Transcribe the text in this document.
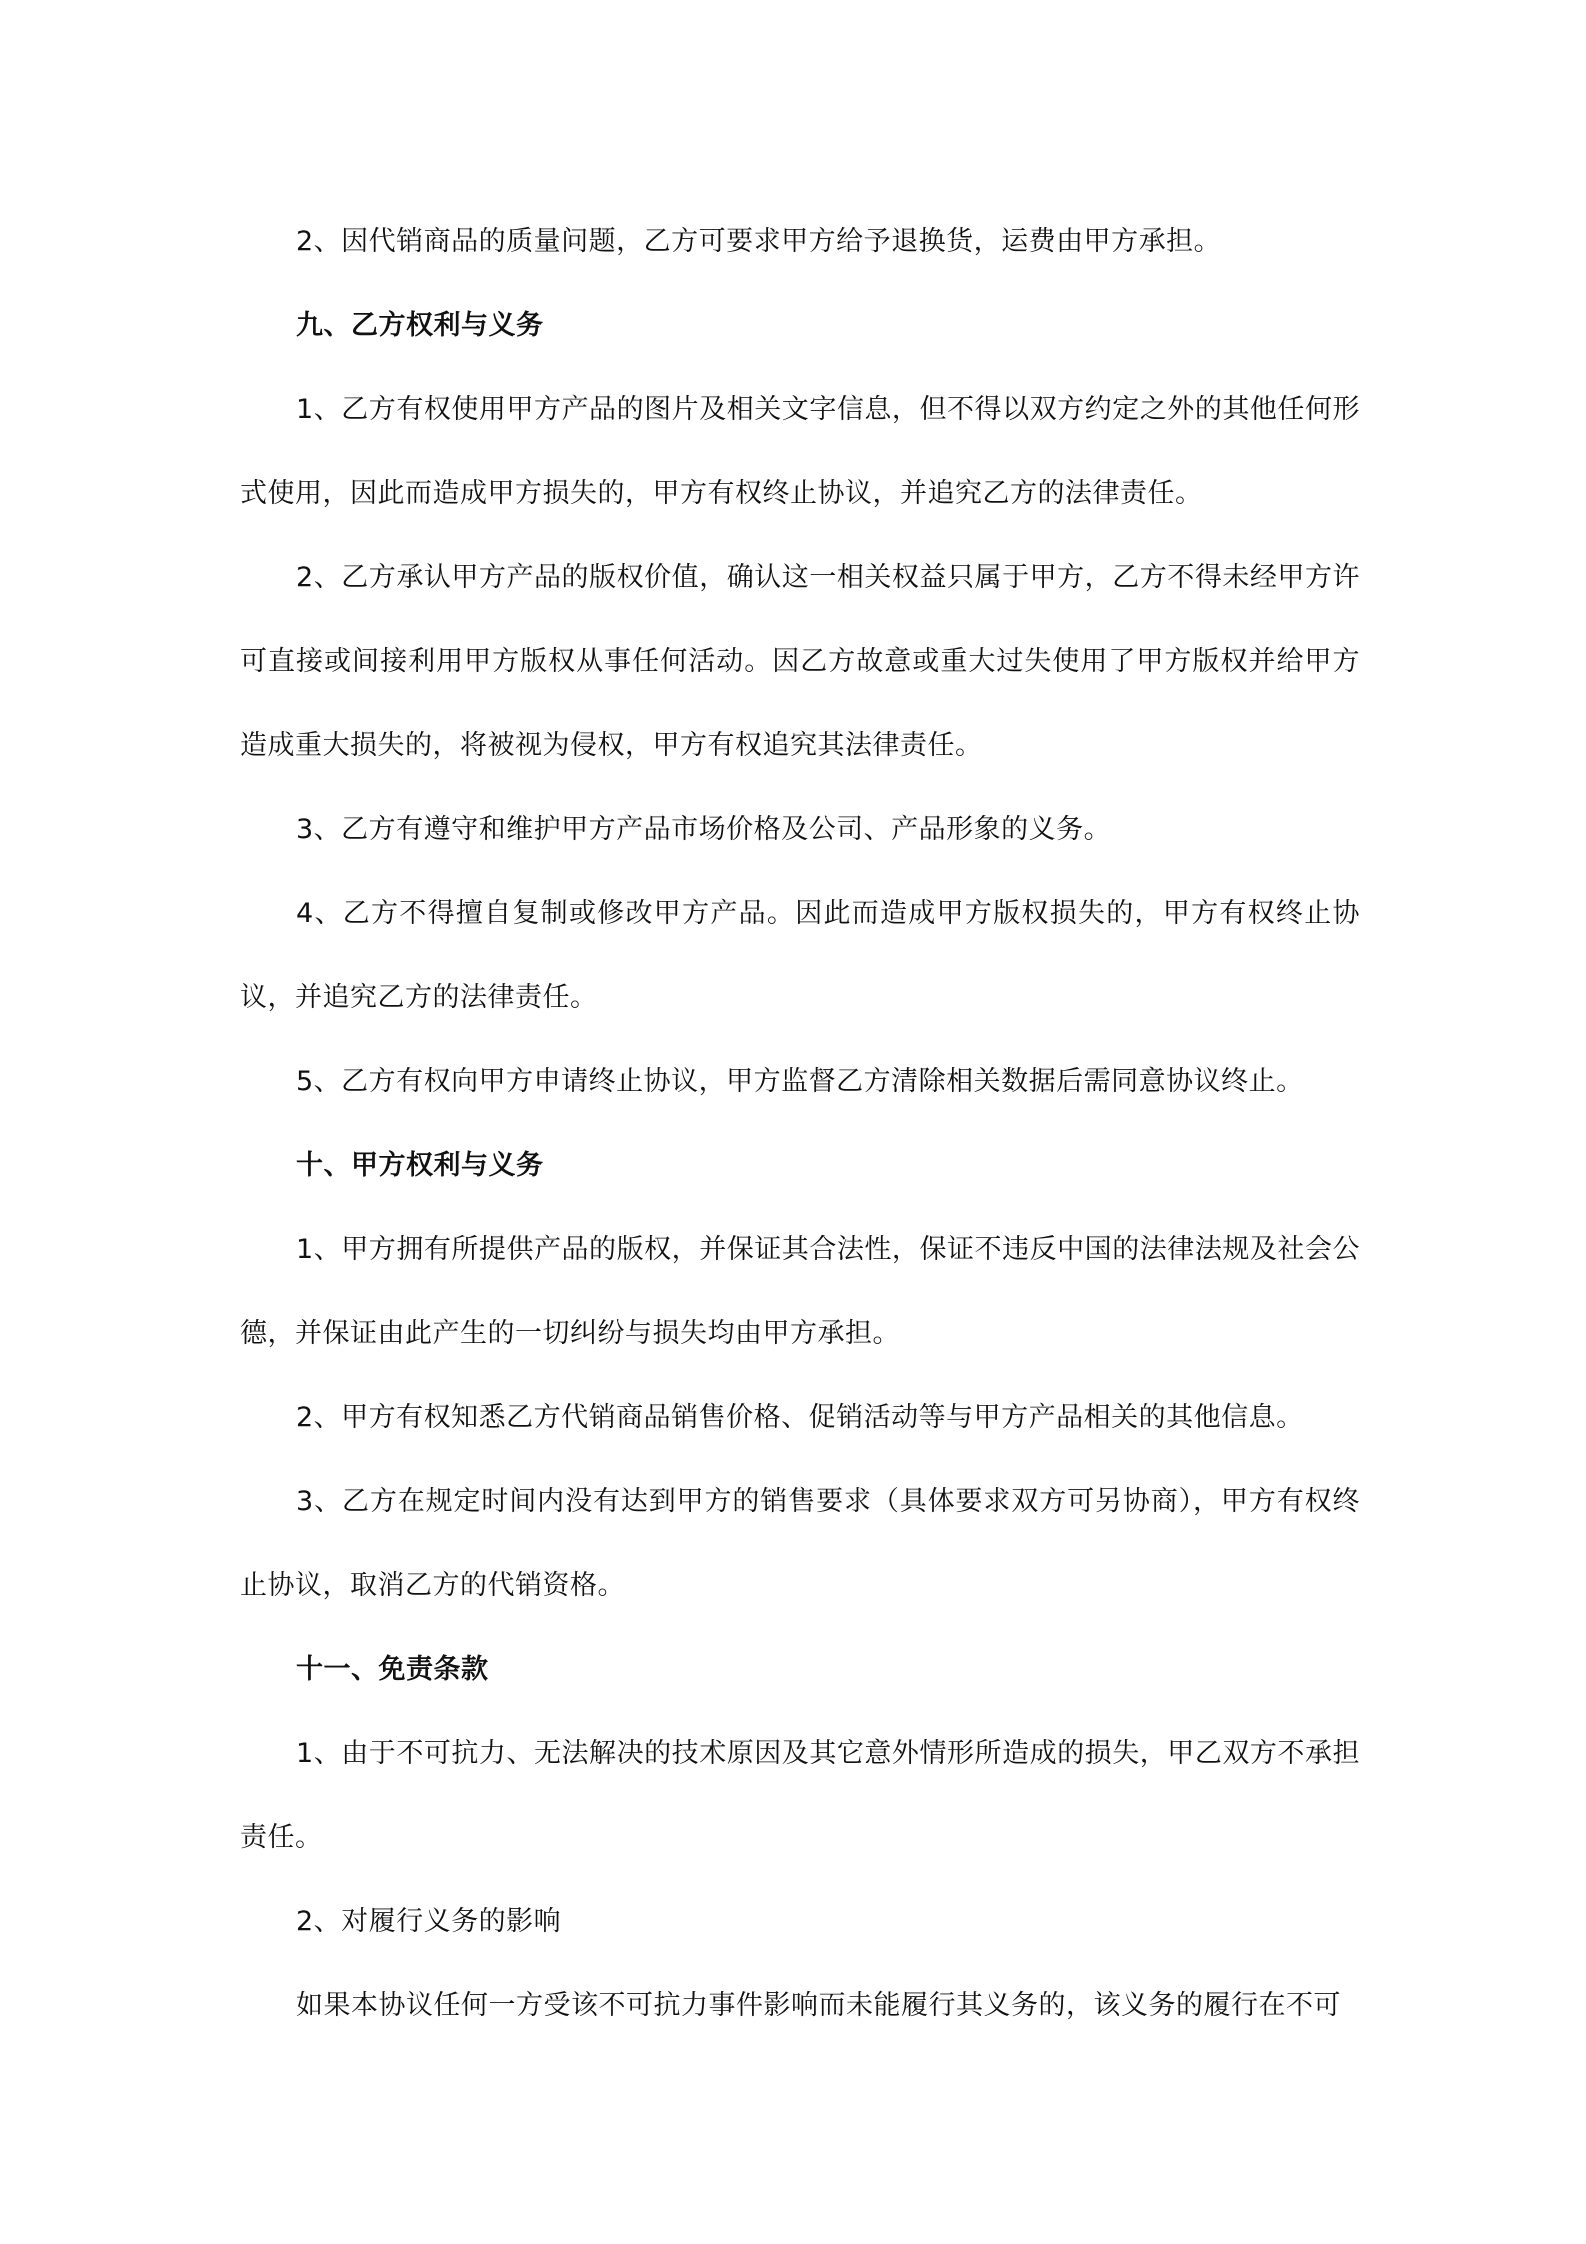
2、因代销商品的质量问题，乙方可要求甲方给予退换货，运费由甲方承担。

九、乙方权利与义务

1、乙方有权使用甲方产品的图片及相关文字信息，但不得以双方约定之外的其他任何形式使用，因此而造成甲方损失的，甲方有权终止协议，并追究乙方的法律责任。

2、乙方承认甲方产品的版权价值，确认这一相关权益只属于甲方，乙方不得未经甲方许可直接或间接利用甲方版权从事任何活动。因乙方故意或重大过失使用了甲方版权并给甲方造成重大损失的，将被视为侵权，甲方有权追究其法律责任。

3、乙方有遵守和维护甲方产品市场价格及公司、产品形象的义务。

4、乙方不得擅自复制或修改甲方产品。因此而造成甲方版权损失的，甲方有权终止协议，并追究乙方的法律责任。

5、乙方有权向甲方申请终止协议，甲方监督乙方清除相关数据后需同意协议终止。

十、甲方权利与义务

1、甲方拥有所提供产品的版权，并保证其合法性，保证不违反中国的法律法规及社会公德，并保证由此产生的一切纠纷与损失均由甲方承担。

2、甲方有权知悉乙方代销商品销售价格、促销活动等与甲方产品相关的其他信息。

3、乙方在规定时间内没有达到甲方的销售要求（具体要求双方可另协商），甲方有权终止协议，取消乙方的代销资格。

十一、免责条款

1、由于不可抗力、无法解决的技术原因及其它意外情形所造成的损失，甲乙双方不承担责任。

2、对履行义务的影响

如果本协议任何一方受该不可抗力事件影响而未能履行其义务的，该义务的履行在不可
